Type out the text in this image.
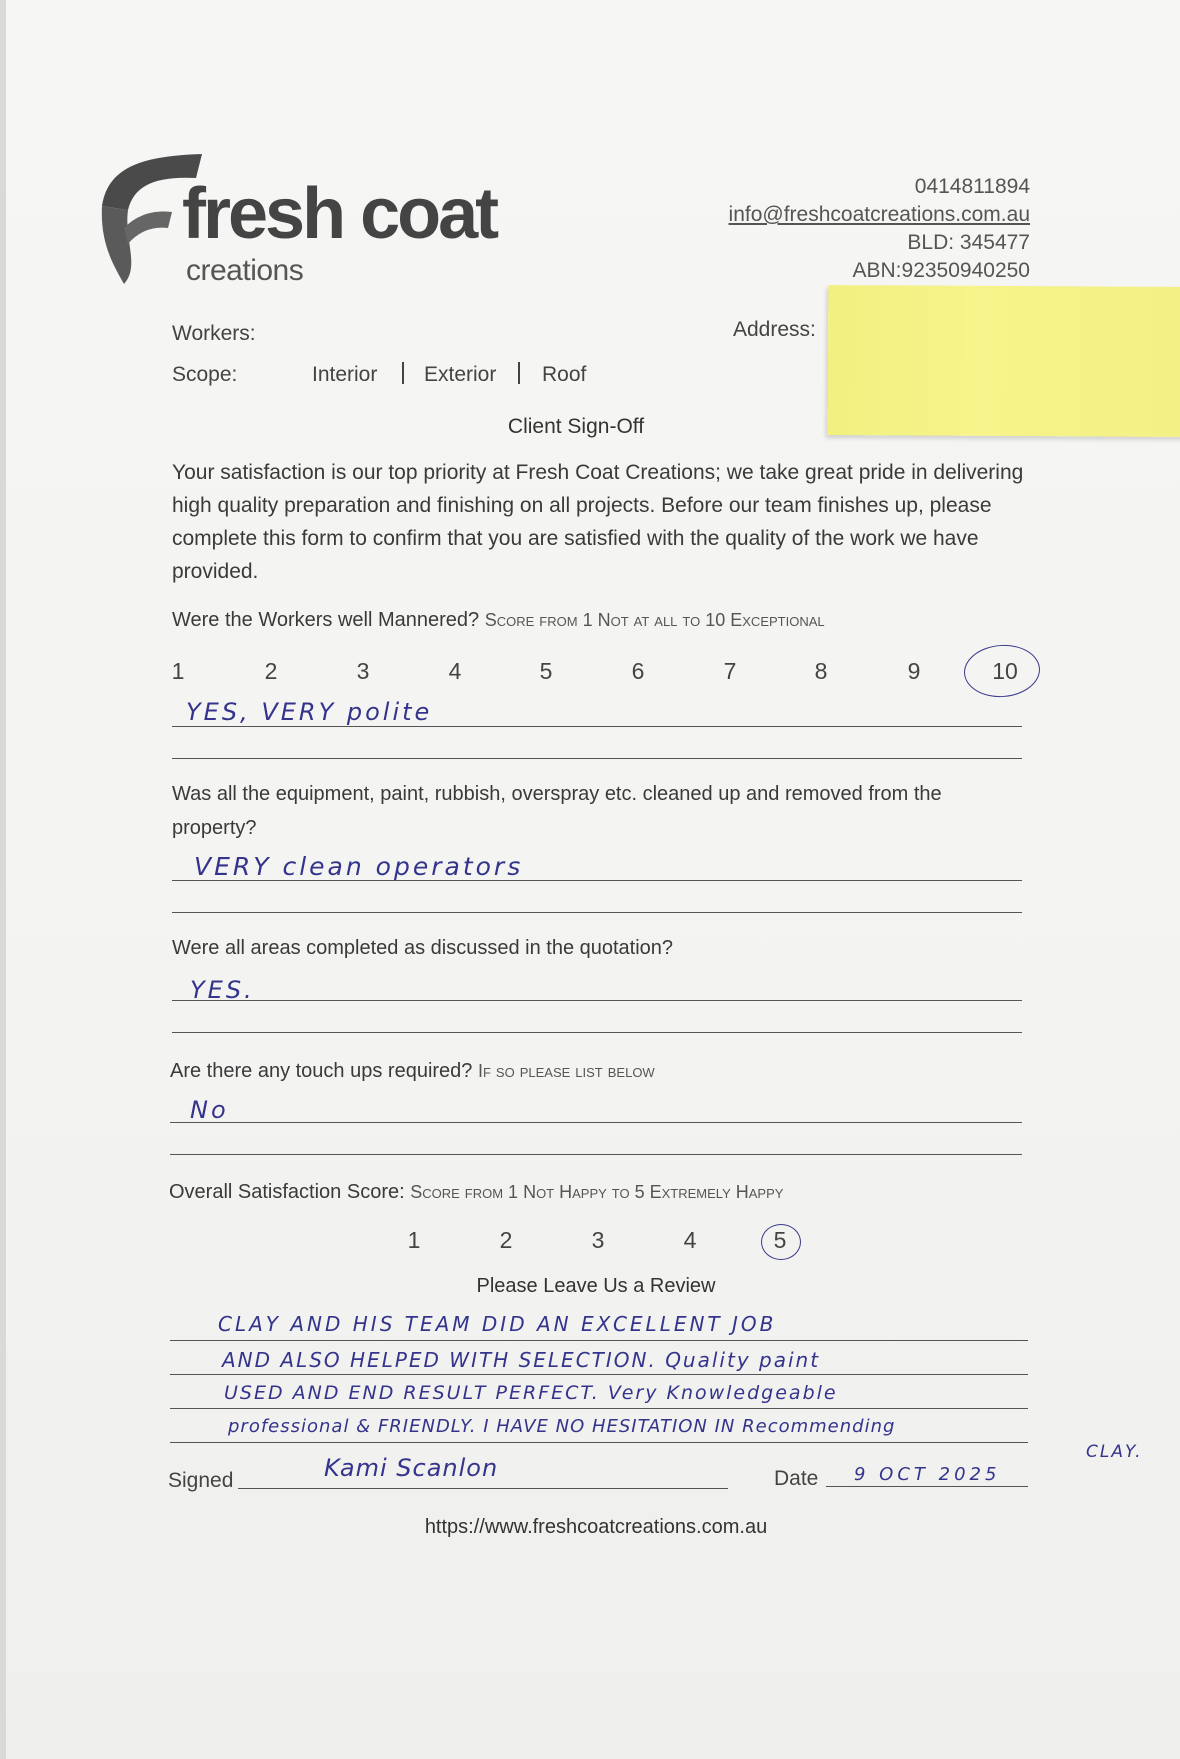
fresh coat
creations
0414811894
info@freshcoatcreations.com.au
BLD: 345477
ABN:92350940250
Workers:	Address:
Scope:	Interior Exterior Roof
Client Sign-Off
Your satisfaction is our top priority at Fresh Coat Creations; we take great pride in delivering high quality preparation and finishing on all projects. Before our team finishes up, please complete this form to confirm that you are satisfied with the quality of the work we have provided.
Were the Workers well Mannered? Score from 1 Not at all to 10 Exceptional
1	2	3	4	5	6	7	8	9	10
YES, VERY polite
Was all the equipment, paint, rubbish, overspray etc. cleaned up and removed from the
property?
VERY clean operators
Were all areas completed as discussed in the quotation?
YES.
Are there any touch ups required? If so please list below
No
Overall Satisfaction Score: Score from 1 Not Happy to 5 Extremely Happy
1	2	3	4	5
Please Leave Us a Review
CLAY AND HIS TEAM DID AN EXCELLENT JOB
AND ALSO HELPED WITH SELECTION. Quality paint
USED AND END RESULT PERFECT. Very Knowledgeable
professional & FRIENDLY. I HAVE NO HESITATION IN Recommending
CLAY.
Signed	Kami Scanlon	Date 9 OCT 2025
https://www.freshcoatcreations.com.au
